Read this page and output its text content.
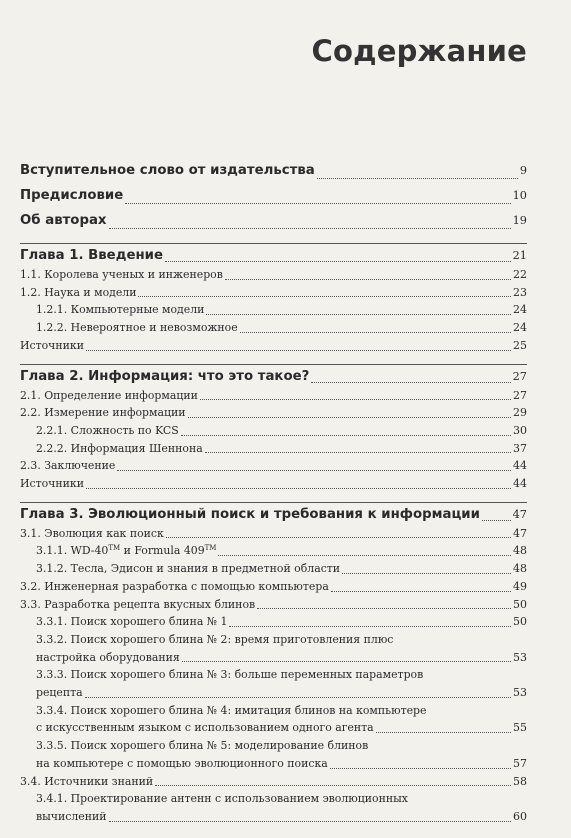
Содержание
Вступительное слово от издательства	9
Предисловие	10
Об авторах	19
Глава 1. Введение	21
1.1. Королева ученых и инженеров	22
1.2. Наука и модели	23
1.2.1. Компьютерные модели	24
1.2.2. Невероятное и невозможное	24
Источники	25
Глава 2. Информация: что это такое?	27
2.1. Определение информации	27
2.2. Измерение информации	29
2.2.1. Сложность по KCS	30
2.2.2. Информация Шеннона	37
2.3. Заключение	44
Источники	44
Глава 3. Эволюционный поиск и требования к информации	47
3.1. Эволюция как поиск	47
3.1.1. WD-40™ и Formula 409™	48
3.1.2. Тесла, Эдисон и знания в предметной области	48
3.2. Инженерная разработка с помощью компьютера	49
3.3. Разработка рецепта вкусных блинов	50
3.3.1. Поиск хорошего блина № 1	50
3.3.2. Поиск хорошего блина № 2: время приготовления плюс
настройка оборудования	53
3.3.3. Поиск хорошего блина № 3: больше переменных параметров
рецепта	53
3.3.4. Поиск хорошего блина № 4: имитация блинов на компьютере
с искусственным языком с использованием одного агента	55
3.3.5. Поиск хорошего блина № 5: моделирование блинов
на компьютере с помощью эволюционного поиска	57
3.4. Источники знаний	58
3.4.1. Проектирование антенн с использованием эволюционных
вычислений	60
